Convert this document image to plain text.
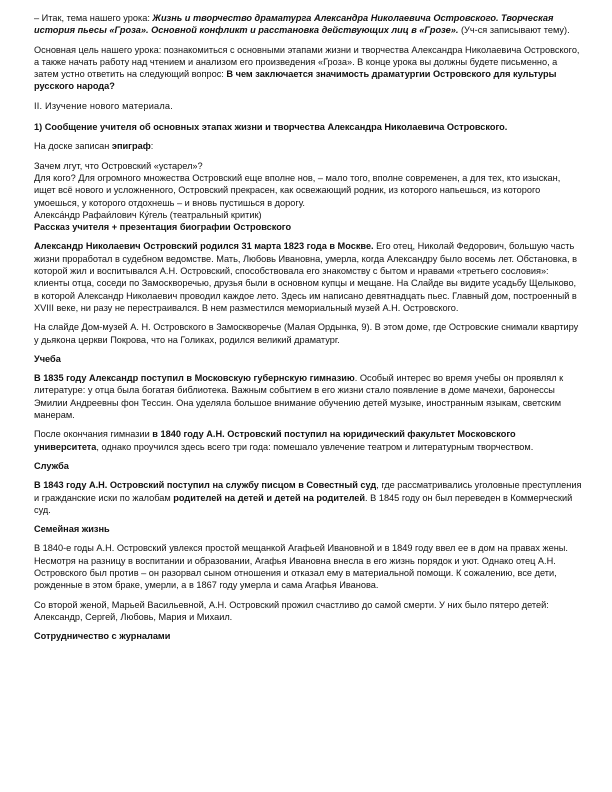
– Итак, тема нашего урока: Жизнь и творчество драматурга Александра Николаевича Островского. Творческая история пьесы «Гроза». Основной конфликт и расстановка действующих лиц в «Грозе». (Уч-ся записывают тему).

Основная цель нашего урока: познакомиться с основными этапами жизни и творчества Александра Николаевича Островского, а также начать работу над чтением и анализом его произведения «Гроза». В конце урока вы должны будете письменно, а затем устно ответить на следующий вопрос: В чем заключается значимость драматургии Островского для культуры русского народа?

II. Изучение нового материала.

1) Сообщение учителя об основных этапах жизни и творчества Александра Николаевича Островского.

На доске записан эпиграф:

Зачем лгут, что Островский «устарел»?

Для кого? Для огромного множества Островский еще вполне нов, – мало того, вполне современен, а для тех, кто изыскан, ищет всё нового и усложненного, Островский прекрасен, как освежающий родник, из которого напьешься, из которого умоешься, у которого отдохнешь – и вновь пустишься в дорогу.

Алекса́ндр Рафаи́лович Ку́гель (театральный критик)

Рассказ учителя + презентация биографии Островского

Александр Николаевич Островский родился 31 марта 1823 года в Москве. Его отец, Николай Федорович, большую часть жизни проработал в судебном ведомстве. Мать, Любовь Ивановна, умерла, когда Александру было восемь лет. Обстановка, в которой жил и воспитывался А.Н. Островский, способствовала его знакомству с бытом и нравами «третьего сословия»: клиенты отца, соседи по Замоскворечью, друзья были в основном купцы и мещане. На Слайде вы видите усадьбу Щелыково, в которой Александр Николаевич проводил каждое лето. Здесь им написано девятнадцать пьес. Главный дом, построенный в XVIII веке, ни разу не перестраивался. В нем разместился мемориальный музей А.Н. Островского.

На слайде Дом-музей А. Н. Островского в Замоскворечье (Малая Ордынка, 9). В этом доме, где Островские снимали квартиру у дьякона церкви Покрова, что на Голиках, родился великий драматург.

Учеба

В 1835 году Александр поступил в Московскую губернскую гимназию. Особый интерес во время учебы он проявлял к литературе: у отца была богатая библиотека. Важным событием в его жизни стало появление в доме мачехи, баронессы Эмилии Андреевны фон Тессин. Она уделяла большое внимание обучению детей музыке, иностранным языкам, светским манерам.

После окончания гимназии в 1840 году А.Н. Островский поступил на юридический факультет Московского университета, однако проучился здесь всего три года: помешало увлечение театром и литературным творчеством.

Служба

В 1843 году А.Н. Островский поступил на службу писцом в Совестный суд, где рассматривались уголовные преступления и гражданские иски по жалобам родителей на детей и детей на родителей. В 1845 году он был переведен в Коммерческий суд.

Семейная жизнь

В 1840-е годы А.Н. Островский увлекся простой мещанкой Агафьей Ивановной и в 1849 году ввел ее в дом на правах жены. Несмотря на разницу в воспитании и образовании, Агафья Ивановна внесла в его жизнь порядок и уют. Однако отец А.Н. Островского был против – он разорвал сыном отношения и отказал ему в материальной помощи. К сожалению, все дети, рожденные в этом браке, умерли, а в 1867 году умерла и сама Агафья Иванова.

Со второй женой, Марьей Васильевной, А.Н. Островский прожил счастливо до самой смерти. У них было пятеро детей: Александр, Сергей, Любовь, Мария и Михаил.

Сотрудничество с журналами
